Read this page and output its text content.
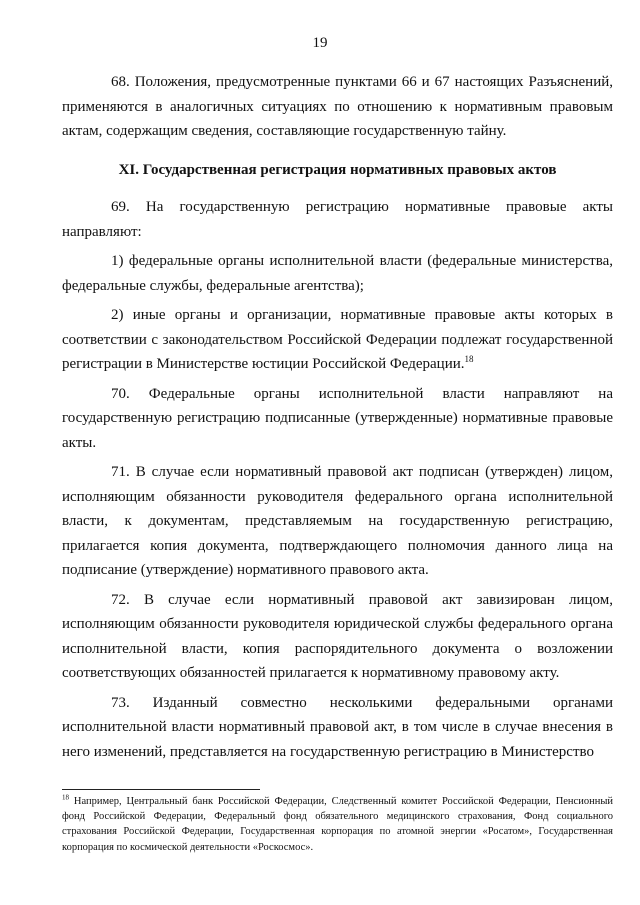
19

68. Положения, предусмотренные пунктами 66 и 67 настоящих Разъяснений, применяются в аналогичных ситуациях по отношению к нормативным правовым актам, содержащим сведения, составляющие государственную тайну.

XI. Государственная регистрация нормативных правовых актов

69. На государственную регистрацию нормативные правовые акты направляют:

1) федеральные органы исполнительной власти (федеральные министерства, федеральные службы, федеральные агентства);

2) иные органы и организации, нормативные правовые акты которых в соответствии с законодательством Российской Федерации подлежат государственной регистрации в Министерстве юстиции Российской Федерации.$^{18}$

70. Федеральные органы исполнительной власти направляют на государственную регистрацию подписанные (утвержденные) нормативные правовые акты.

71. В случае если нормативный правовой акт подписан (утвержден) лицом, исполняющим обязанности руководителя федерального органа исполнительной власти, к документам, представляемым на государственную регистрацию, прилагается копия документа, подтверждающего полномочия данного лица на подписание (утверждение) нормативного правового акта.

72. В случае если нормативный правовой акт завизирован лицом, исполняющим обязанности руководителя юридической службы федерального органа исполнительной власти, копия распорядительного документа о возложении соответствующих обязанностей прилагается к нормативному правовому акту.

73. Изданный совместно несколькими федеральными органами исполнительной власти нормативный правовой акт, в том числе в случае внесения в него изменений, представляется на государственную регистрацию в Министерство

$^{18}$ Например, Центральный банк Российской Федерации, Следственный комитет Российской Федерации, Пенсионный фонд Российской Федерации, Федеральный фонд обязательного медицинского страхования, Фонд социального страхования Российской Федерации, Государственная корпорация по атомной энергии «Росатом», Государственная корпорация по космической деятельности «Роскосмос».
